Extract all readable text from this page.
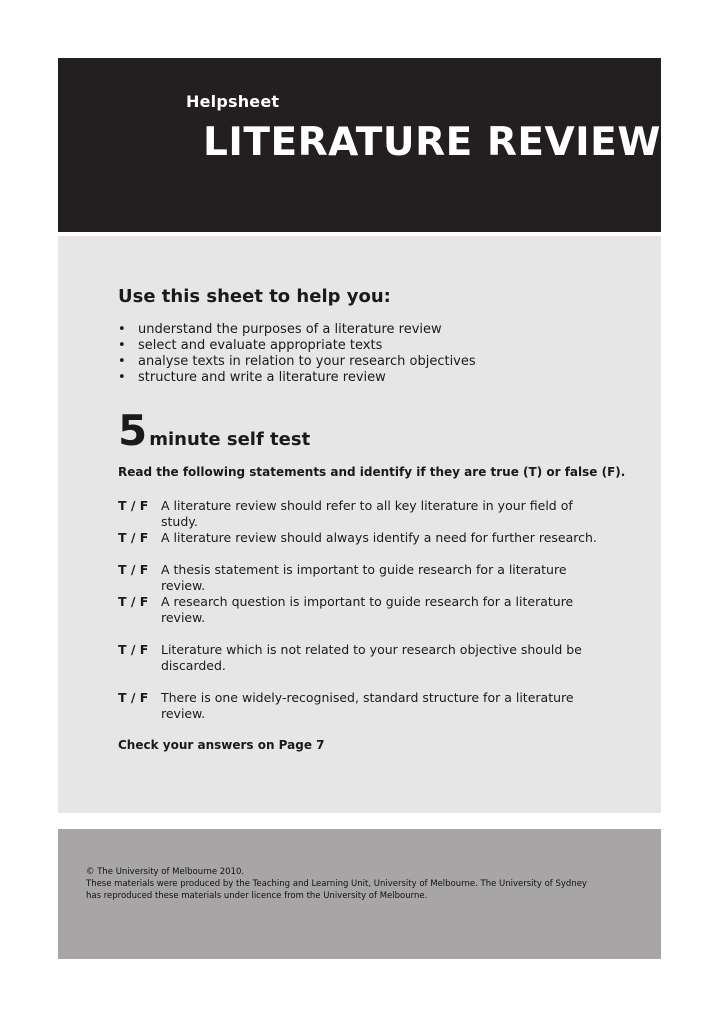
Helpsheet
LITERATURE REVIEWS
Use this sheet to help you:
• understand the purposes of a literature review
• select and evaluate appropriate texts
• analyse texts in relation to your research objectives
• structure and write a literature review
5 minute self test
Read the following statements and identify if they are true (T) or false (F).
T / F A literature review should refer to all key literature in your field of study.
T / F A literature review should always identify a need for further research.
T / F A thesis statement is important to guide research for a literature review.
T / F A research question is important to guide research for a literature review.
T / F Literature which is not related to your research objective should be discarded.
T / F There is one widely-recognised, standard structure for a literature review.
Check your answers on Page 7
© The University of Melbourne 2010.
These materials were produced by the Teaching and Learning Unit, University of Melbourne. The University of Sydney
has reproduced these materials under licence from the University of Melbourne.
